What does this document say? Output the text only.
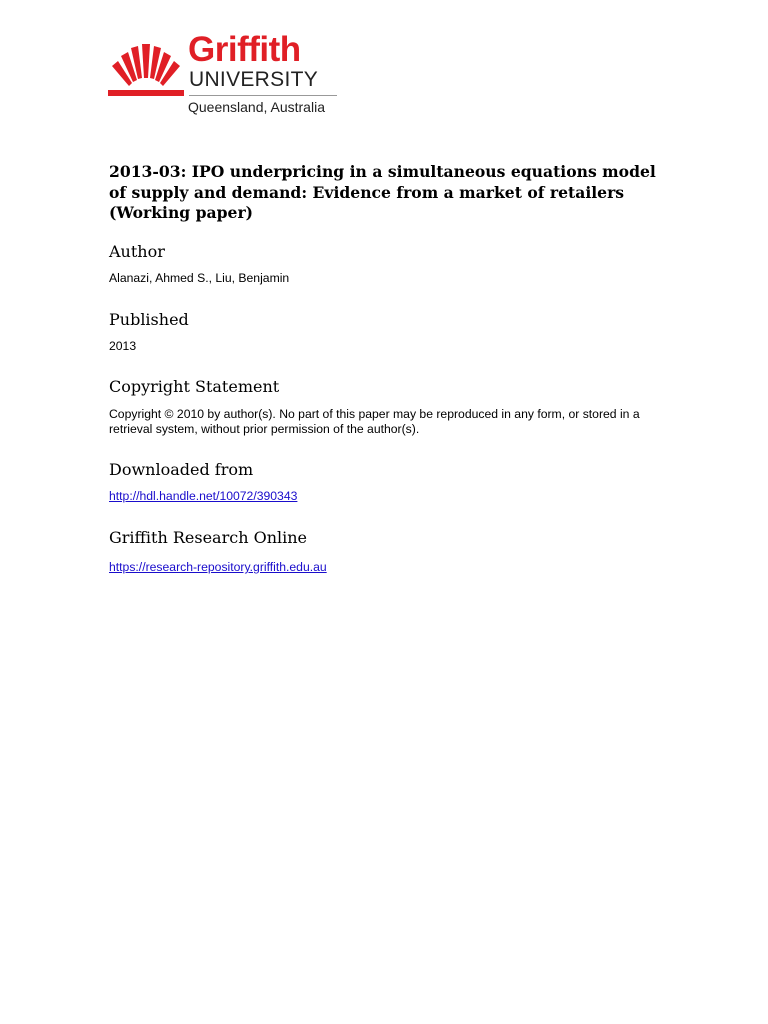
Griffith
UNIVERSITY
Queensland, Australia
2013-03: IPO underpricing in a simultaneous equations model of supply and demand: Evidence from a market of retailers (Working paper)
Author

Alanazi, Ahmed S., Liu, Benjamin

Published

2013

Copyright Statement

Copyright © 2010 by author(s). No part of this paper may be reproduced in any form, or stored in a retrieval system, without prior permission of the author(s).

Downloaded from

http://hdl.handle.net/10072/390343

Griffith Research Online

https://research-repository.griffith.edu.au
